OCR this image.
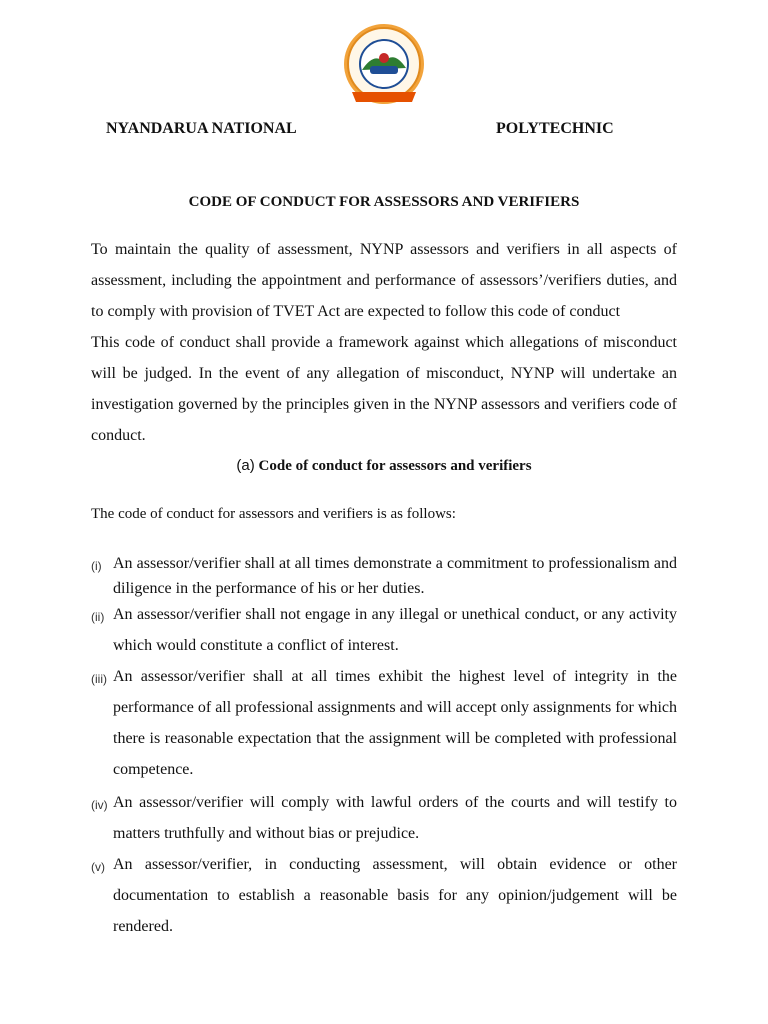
NYANDARUA NATIONAL	POLYTECHNIC
CODE OF CONDUCT FOR ASSESSORS AND VERIFIERS

To maintain the quality of assessment, NYNP assessors and verifiers in all aspects of assessment, including the appointment and performance of assessors’/verifiers duties, and to comply with provision of TVET Act are expected to follow this code of conduct

This code of conduct shall provide a framework against which allegations of misconduct will be judged. In the event of any allegation of misconduct, NYNP will undertake an investigation governed by the principles given in the NYNP assessors and verifiers code of conduct.

(a) Code of conduct for assessors and verifiers
The code of conduct for assessors and verifiers is as follows:
(i) An assessor/verifier shall at all times demonstrate a commitment to professionalism and diligence in the performance of his or her duties.
(ii) An assessor/verifier shall not engage in any illegal or unethical conduct, or any activity which would constitute a conflict of interest.
(iii) An assessor/verifier shall at all times exhibit the highest level of integrity in the performance of all professional assignments and will accept only assignments for which there is reasonable expectation that the assignment will be completed with professional competence.
(iv) An assessor/verifier will comply with lawful orders of the courts and will testify to matters truthfully and without bias or prejudice.
(v) An assessor/verifier, in conducting assessment, will obtain evidence or other documentation to establish a reasonable basis for any opinion/judgement will be rendered.
